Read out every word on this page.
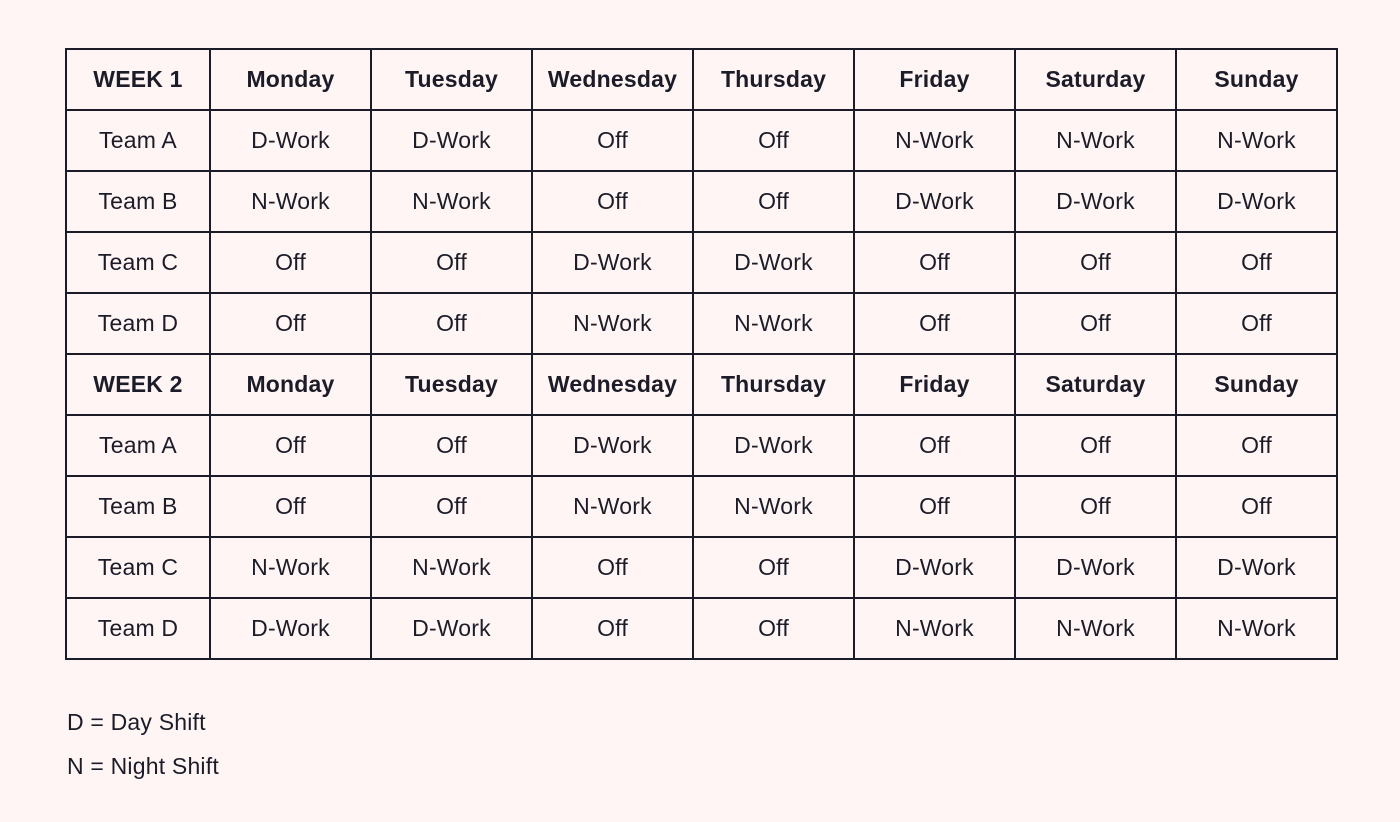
WEEK 1	Monday	Tuesday	Wednesday	Thursday	Friday	Saturday	Sunday
Team A	D-Work	D-Work	Off	Off	N-Work	N-Work	N-Work
Team B	N-Work	N-Work	Off	Off	D-Work	D-Work	D-Work
Team C	Off	Off	D-Work	D-Work	Off	Off	Off
Team D	Off	Off	N-Work	N-Work	Off	Off	Off
WEEK 2	Monday	Tuesday	Wednesday	Thursday	Friday	Saturday	Sunday
Team A	Off	Off	D-Work	D-Work	Off	Off	Off
Team B	Off	Off	N-Work	N-Work	Off	Off	Off
Team C	N-Work	N-Work	Off	Off	D-Work	D-Work	D-Work
Team D	D-Work	D-Work	Off	Off	N-Work	N-Work	N-Work
D = Day Shift
N = Night Shift
